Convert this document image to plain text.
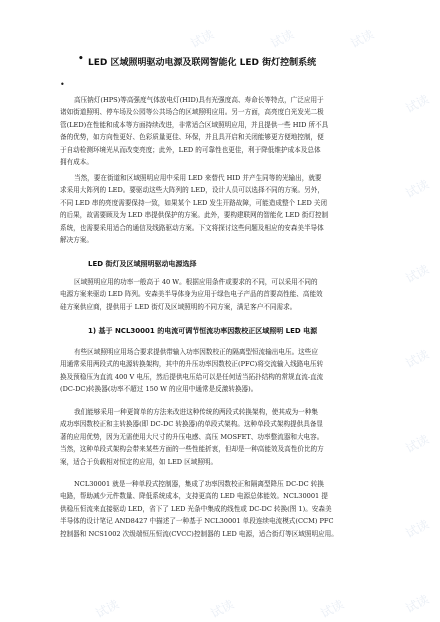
试读	试读	试读
试读
试读
试读
试读
试读
试读
试读
试读	试读	试读
• LED 区域照明驱动电源及联网智能化 LED 街灯控制系统
•
高压钠灯(HPS)等高强度气体放电灯(HID)具有光强度高、寿命长等特点，广泛应用于
诸如街道照明、停车场及公园等公共场合的区域照明应用。另一方面，高亮度白光发光二极
管(LED)在性能和成本等方面持续改进，非常适合区域照明应用，并且提供一些 HID 所不具
备的优势，如方向性更好、色彩质量更佳、环保，并且具开启和关闭能够更方便地控制，便
于自动检测环境光从而改变亮度；此外，LED 的可靠性也更佳，利于降低维护成本及总体
拥有成本。
当然，要在街道和区域照明应用中采用 LED 来替代 HID 并产生同等的光输出，就要
求采用大阵列的 LED。要驱动这些大阵列的 LED，设计人员可以选择不同的方案。另外，
不同 LED 串的亮度需要保持一致，如果某个 LED 发生开路故障，可能造成整个 LED 关闭
的后果，故需要顾及为 LED 串提供保护的方案。此外，要构建联网的智能化 LED 街灯控制
系统，也需要采用适合的通信及线路驱动方案。下文将探讨这些问题及相应的安森美半导体
解决方案。
LED 街灯及区域照明驱动电源选择
区域照明应用的功率一般高于 40 W。根据应用条件或要求的不同，可以采用不同的
电源方案来驱动 LED 阵列。安森美半导体身为应用于绿色电子产品的首要高性能、高能效
硅方案供应商，提供用于 LED 街灯及区域照明的不同方案，满足客户不同需求。
1) 基于 NCL30001 的电流可调节恒流功率因数校正区域照明 LED 电源
有些区域照明应用场合要求提供带输入功率因数校正的隔离型恒流输出电压。这些应
用通常采用两段式的电源转换架构，其中的升压功率因数校正(PFC)将交流输入线路电压转
换及预稳压为直流 400 V 电压，然后提供电压给可以是任何适当拓扑结构的常规直流-直流
(DC-DC)转换器(功率不超过 150 W 的应用中通常是反激转换器)。
我们能够采用一种更简单的方法来改进这种传统的两段式转换架构，使其成为一种集
成功率因数校正和主转换器(即 DC-DC 转换器)的单段式架构。这种单段式架构提供具备显
著的应用优势，因为无需使用大尺寸的升压电感、高压 MOSFET、功率整流器和大电容。
当然，这种单段式架构会带来某些方面的一些性能折衷，但却是一种高能效及高性价比的方
案，适合于负载相对恒定的应用，如 LED 区域照明。
NCL30001 就是一种单段式控制器，集成了功率因数校正和隔离型降压 DC-DC 转换
电路，帮助减少元件数量、降低系统成本，支持更高的 LED 电源总体能效。NCL30001 提
供稳压恒流来直接驱动 LED，省下了 LED 光条中集成的线性或 DC-DC 转换(图 1)。安森美
半导体的设计笔记 AND8427 中描述了一种基于 NCL30001 单段连续电流模式(CCM) PFC
控制器和 NCS1002 次级端恒压恒流(CVCC)控制器的 LED 电源，适合街灯等区域照明应用。
